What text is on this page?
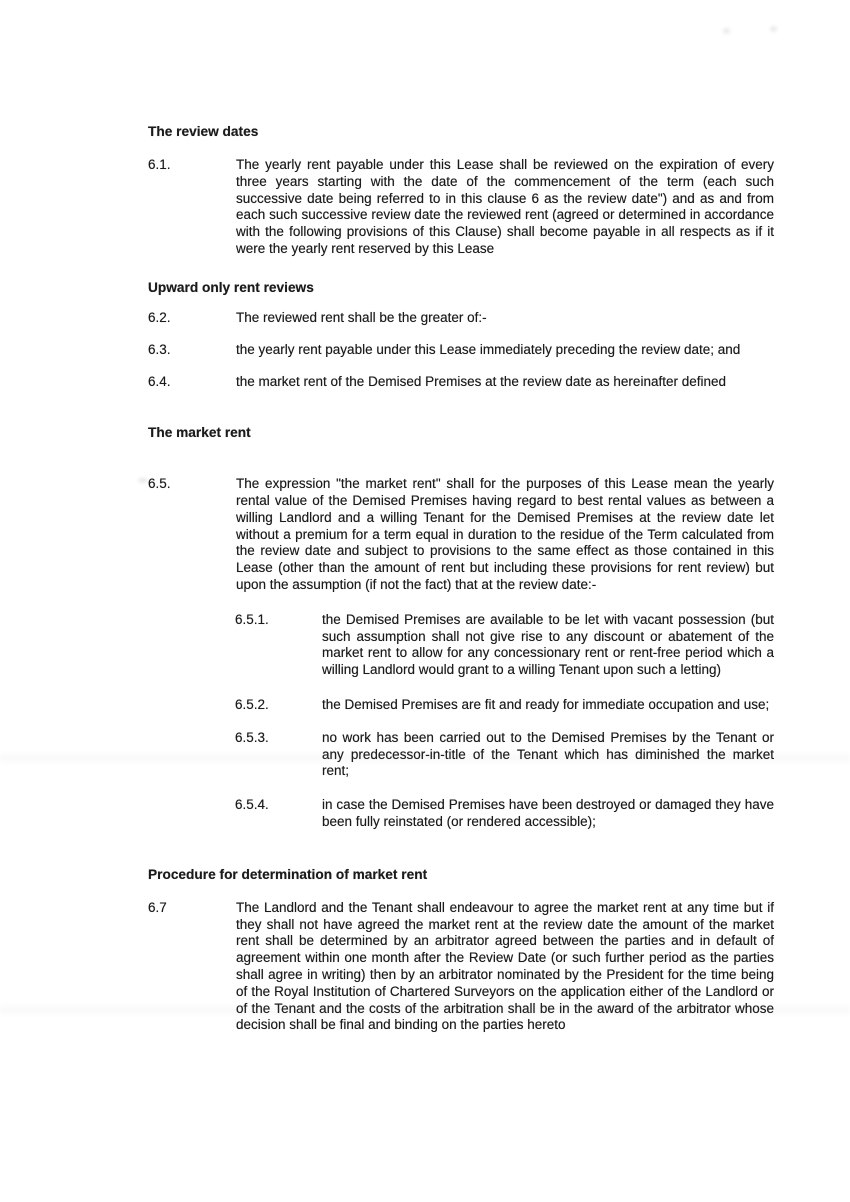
The review dates
6.1.	The yearly rent payable under this Lease shall be reviewed on the expiration of every three years starting with the date of the commencement of the term (each such successive date being referred to in this clause 6 as the review date") and as and from each such successive review date the reviewed rent (agreed or determined in accordance with the following provisions of this Clause) shall become payable in all respects as if it were the yearly rent reserved by this Lease

Upward only rent reviews
6.2.	The reviewed rent shall be the greater of:-

6.3.	the yearly rent payable under this Lease immediately preceding the review date; and

6.4.	the market rent of the Demised Premises at the review date as hereinafter defined

The market rent
6.5.	The expression "the market rent" shall for the purposes of this Lease mean the yearly rental value of the Demised Premises having regard to best rental values as between a willing Landlord and a willing Tenant for the Demised Premises at the review date let without a premium for a term equal in duration to the residue of the Term calculated from the review date and subject to provisions to the same effect as those contained in this Lease (other than the amount of rent but including these provisions for rent review) but upon the assumption (if not the fact) that at the review date:-

6.5.1.	the Demised Premises are available to be let with vacant possession (but such assumption shall not give rise to any discount or abatement of the market rent to allow for any concessionary rent or rent-free period which a willing Landlord would grant to a willing Tenant upon such a letting)

6.5.2.	the Demised Premises are fit and ready for immediate occupation and use;

6.5.3.	no work has been carried out to the Demised Premises by the Tenant or any predecessor-in-title of the Tenant which has diminished the market rent;

6.5.4.	in case the Demised Premises have been destroyed or damaged they have been fully reinstated (or rendered accessible);

Procedure for determination of market rent
6.7	The Landlord and the Tenant shall endeavour to agree the market rent at any time but if they shall not have agreed the market rent at the review date the amount of the market rent shall be determined by an arbitrator agreed between the parties and in default of agreement within one month after the Review Date (or such further period as the parties shall agree in writing) then by an arbitrator nominated by the President for the time being of the Royal Institution of Chartered Surveyors on the application either of the Landlord or of the Tenant and the costs of the arbitration shall be in the award of the arbitrator whose decision shall be final and binding on the parties hereto
